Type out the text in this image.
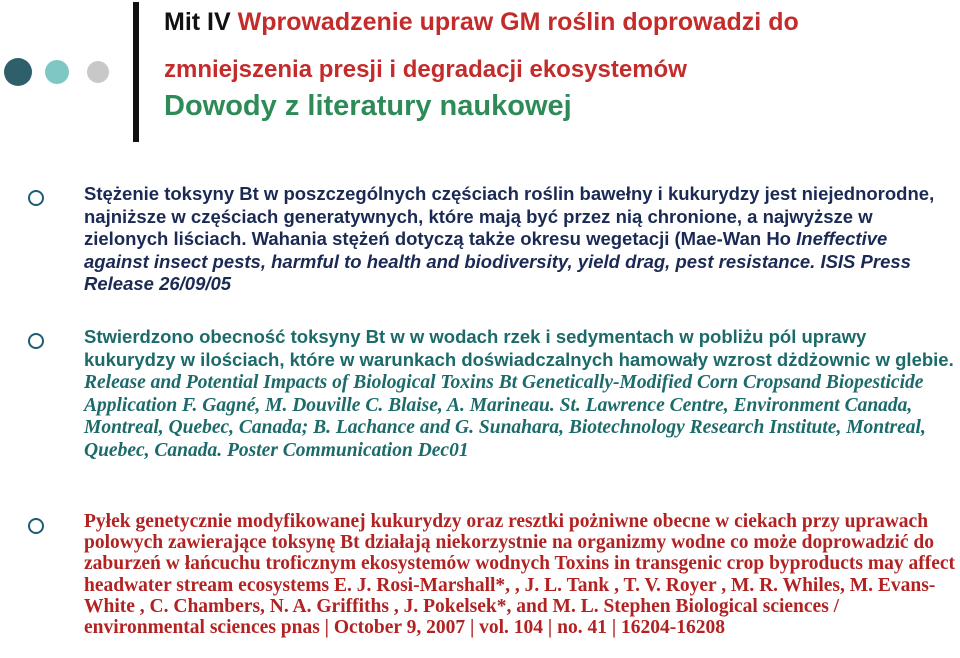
Mit IV Wprowadzenie upraw GM roślin doprowadzi do

zmniejszenia presji i degradacji ekosystemów

Dowody z literatury naukowej

Stężenie toksyny Bt w poszczególnych częściach roślin bawełny i kukurydzy jest niejednorodne, najniższe w częściach generatywnych, które mają być przez nią chronione, a najwyższe w zielonych liściach. Wahania stężeń dotyczą także okresu wegetacji (Mae-Wan Ho Ineffective against insect pests, harmful to health and biodiversity, yield drag, pest resistance. ISIS Press Release 26/09/05

Stwierdzono obecność toksyny Bt w w wodach rzek i sedymentach w pobliżu pól uprawy kukurydzy w ilościach, które w warunkach doświadczalnych hamowały wzrost dżdżownic w glebie. Release and Potential Impacts of Biological Toxins Bt Genetically-Modified Corn Cropsand Biopesticide Application F. Gagné, M. Douville C. Blaise, A. Marineau. St. Lawrence Centre, Environment Canada, Montreal, Quebec, Canada; B. Lachance and G. Sunahara, Biotechnology Research Institute, Montreal, Quebec, Canada. Poster Communication Dec01

Pyłek genetycznie modyfikowanej kukurydzy oraz resztki pożniwne obecne w ciekach przy uprawach polowych zawierające toksynę Bt działają niekorzystnie na organizmy wodne co może doprowadzić do zaburzeń w łańcuchu troficznym ekosystemów wodnych Toxins in transgenic crop byproducts may affect headwater stream ecosystems E. J. Rosi-Marshall*, , J. L. Tank , T. V. Royer , M. R. Whiles, M. Evans-White , C. Chambers, N. A. Griffiths , J. Pokelsek*, and M. L. Stephen Biological sciences / environmental sciences pnas | October 9, 2007 | vol. 104 | no. 41 | 16204-16208
